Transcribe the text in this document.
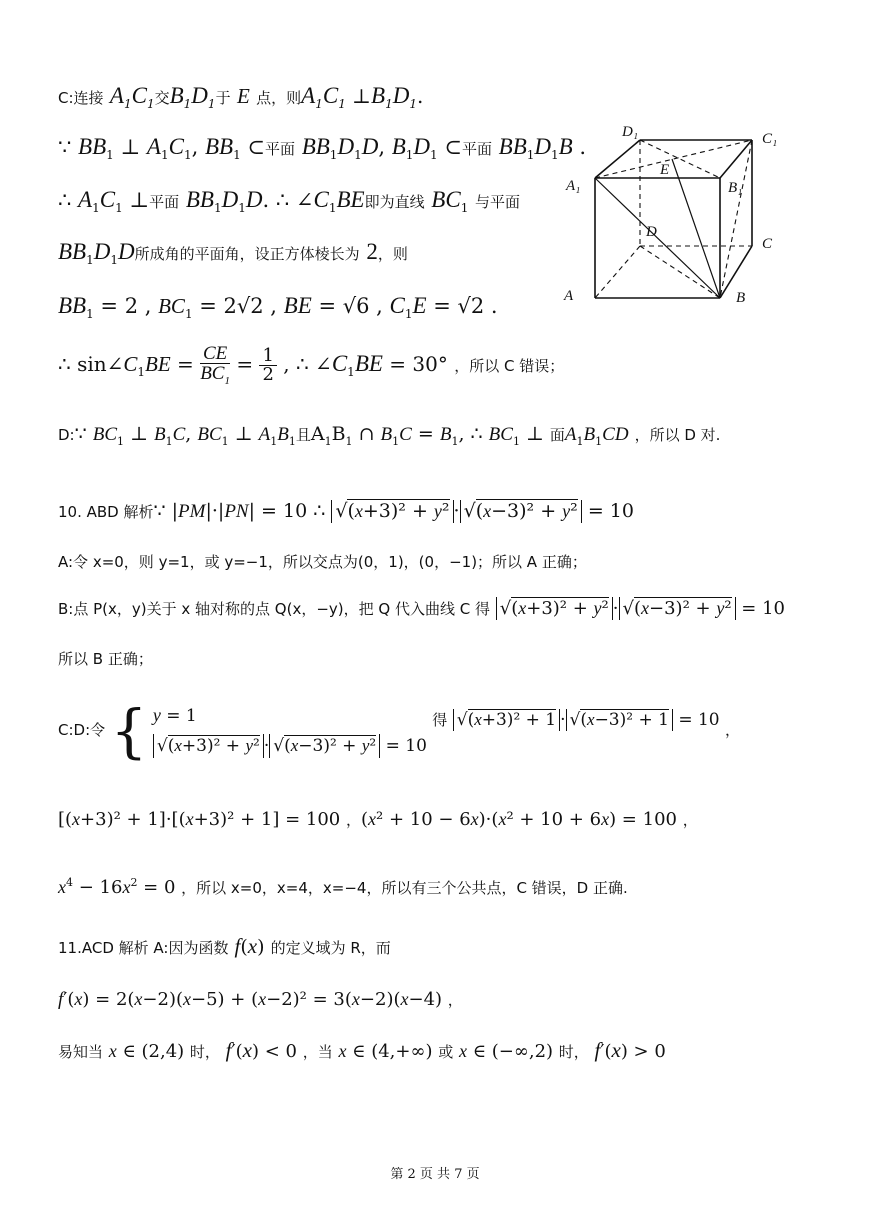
C:连接 $A_1C_1$交$B_1D_1$于 E 点，则$A_1C_1$ $\perp B_1D_1$.
∵ $BB_1$ ⊥ $A_1C_1$, $BB_1$ ⊂平面 $BB_1D_1D$, $B_1D_1$ ⊂平面 $BB_1D_1B$ .
∴ $A_1C_1$ ⊥平面 $BB_1D_1D$. ∴ $\angle C_1BE$即为直线 $BC_1$ 与平面
$BB_1D_1D$所成角的平面角，设正方体棱长为 2，则
$BB_1 = 2$ , $BC_1 = 2√2$ , BE = √6 , $C_1E = √2$ .
∴ $\sin\angle C_1BE = \frac{CE}{BC_1} = \frac{1}{2}$ , ∴ $\angle C_1BE = 30^\circ$ ，所以 C 错误；
D:∵ $BC_1$ ⊥ $B_1C$, $BC_1$ ⊥ $A_1B_1$且$A_1B_1$ ∩ $B_1C = B_1$, ∴ $BC_1$ ⊥ 面$A_1B_1CD$ ，所以 D 对.
10. ABD 解析∵ |PM|·|PN| = 10 ∴ √(x+3)² + y² · √(x−3)² + y² = 10
A:令 x=0，则 y=1，或 y=−1，所以交点为(0，1)，(0，−1)；所以 A 正确；
B:点 P(x，y)关于 x 轴对称的点 Q(x，−y)，把 Q 代入曲线 C 得 √(x+3)² + y² · √(x−3)² + y² = 10
所以 B 正确；
C:D:令 { y = 1
√(x+3)² + y² · √(x−3)² + y² = 10
得 √(x+3)² + 1 · √(x−3)² + 1 = 10 ，
[(x+3)² + 1]·[(x+3)² + 1] = 100 ，(x² + 10 − 6x)·(x² + 10 + 6x) = 100 ，
$x^4 - 16x^2 = 0$ ，所以 x=0，x=4，x=−4，所以有三个公共点，C 错误，D 正确.
11.ACD 解析 A:因为函数 f(x) 的定义域为 R，而
f′(x) = 2(x−2)(x−5) + (x−2)² = 3(x−2)(x−4) ，
易知当 x ∈ (2,4) 时， f′(x) < 0 ，当 x ∈ (4,+∞) 或 x ∈ (−∞,2) 时， f′(x) > 0
D₁	C₁
A₁	B₁
E
D
C
A	B
第 2 页 共 7 页
